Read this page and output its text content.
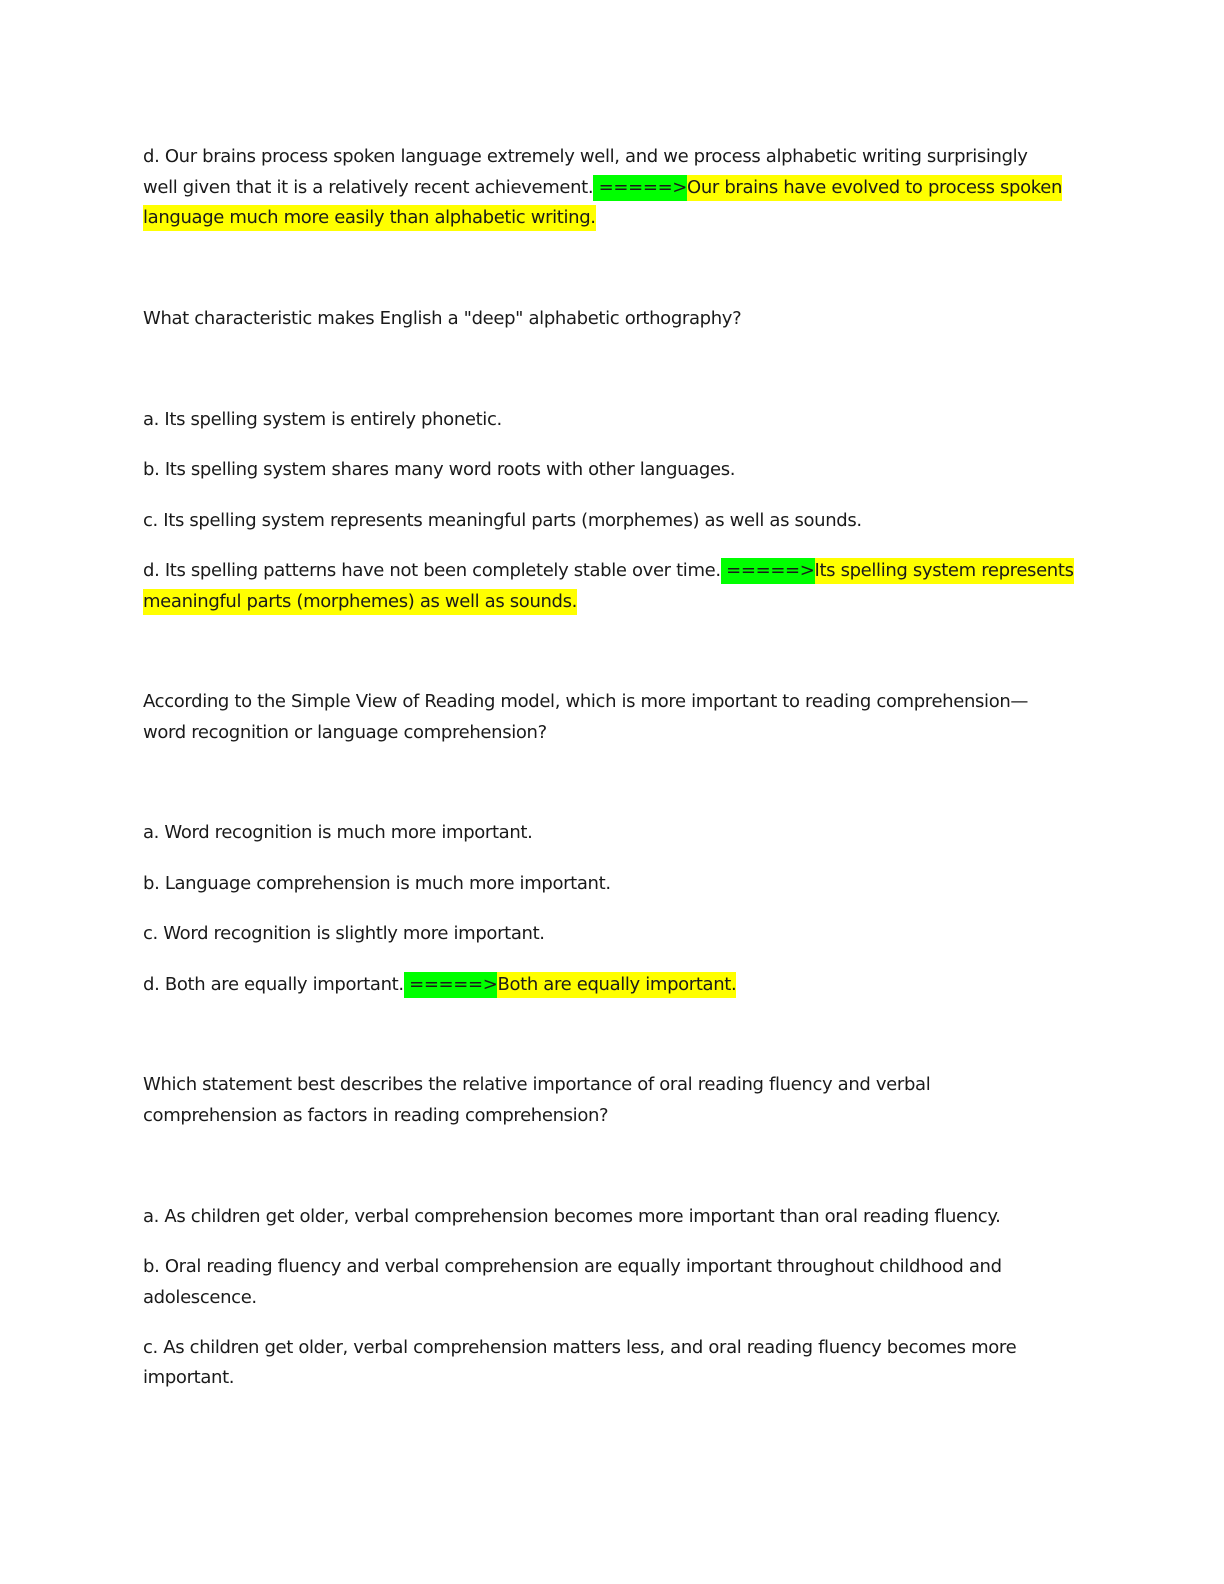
d. Our brains process spoken language extremely well, and we process alphabetic writing surprisingly

well given that it is a relatively recent achievement. =====>Our brains have evolved to process spoken

language much more easily than alphabetic writing.

What characteristic makes English a "deep" alphabetic orthography?

a. Its spelling system is entirely phonetic.

b. Its spelling system shares many word roots with other languages.

c. Its spelling system represents meaningful parts (morphemes) as well as sounds.

d. Its spelling patterns have not been completely stable over time. =====>Its spelling system represents

meaningful parts (morphemes) as well as sounds.

According to the Simple View of Reading model, which is more important to reading comprehension—

word recognition or language comprehension?

a. Word recognition is much more important.

b. Language comprehension is much more important.

c. Word recognition is slightly more important.

d. Both are equally important. =====>Both are equally important.

Which statement best describes the relative importance of oral reading fluency and verbal

comprehension as factors in reading comprehension?

a. As children get older, verbal comprehension becomes more important than oral reading fluency.

b. Oral reading fluency and verbal comprehension are equally important throughout childhood and

adolescence.

c. As children get older, verbal comprehension matters less, and oral reading fluency becomes more

important.
